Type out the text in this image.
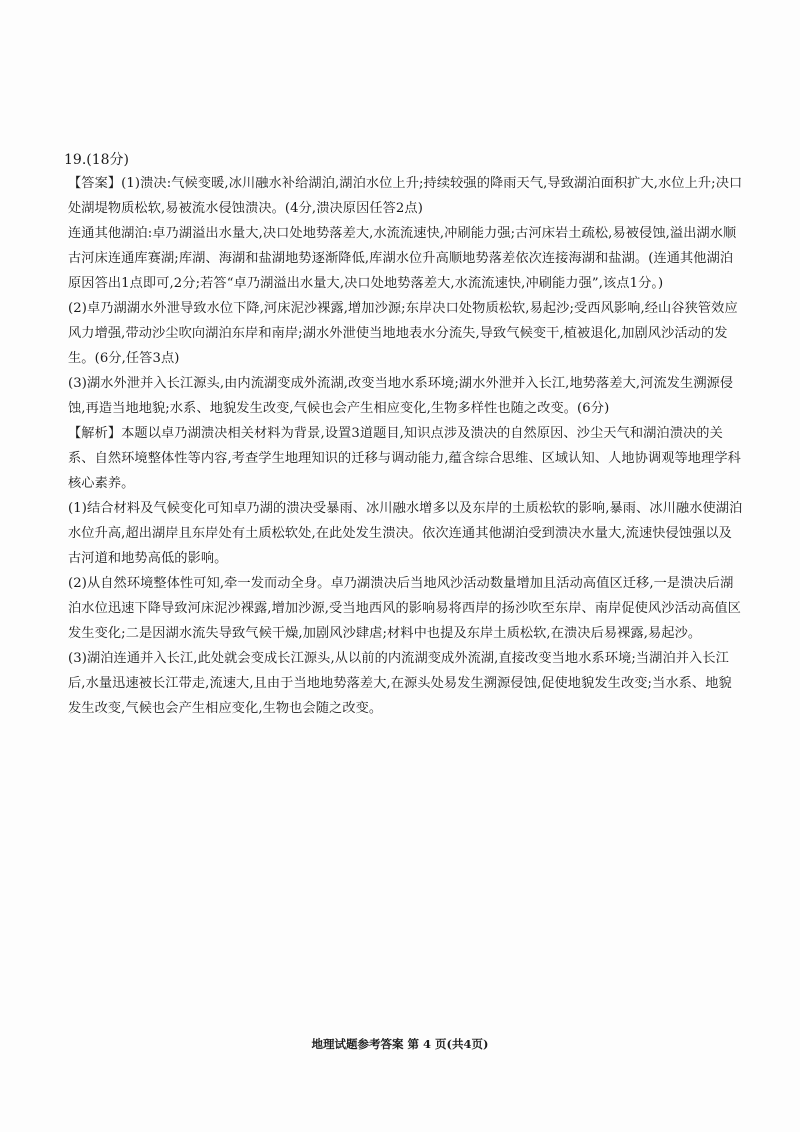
19.(18分)

【答案】(1)溃决:气候变暖,冰川融水补给湖泊,湖泊水位上升;持续较强的降雨天气,导致湖泊面积扩大,水位上升;决口处湖堤物质松软,易被流水侵蚀溃决。(4分,溃决原因任答2点)

连通其他湖泊:卓乃湖溢出水量大,决口处地势落差大,水流流速快,冲刷能力强;古河床岩土疏松,易被侵蚀,溢出湖水顺古河床连通库赛湖;库湖、海湖和盐湖地势逐渐降低,库湖水位升高顺地势落差依次连接海湖和盐湖。(连通其他湖泊原因答出1点即可,2分;若答“卓乃湖溢出水量大,决口处地势落差大,水流流速快,冲刷能力强”,该点1分。)

(2)卓乃湖湖水外泄导致水位下降,河床泥沙裸露,增加沙源;东岸决口处物质松软,易起沙;受西风影响,经山谷狭管效应风力增强,带动沙尘吹向湖泊东岸和南岸;湖水外泄使当地地表水分流失,导致气候变干,植被退化,加剧风沙活动的发生。(6分,任答3点)

(3)湖水外泄并入长江源头,由内流湖变成外流湖,改变当地水系环境;湖水外泄并入长江,地势落差大,河流发生溯源侵蚀,再造当地地貌;水系、地貌发生改变,气候也会产生相应变化,生物多样性也随之改变。(6分)

【解析】本题以卓乃湖溃决相关材料为背景,设置3道题目,知识点涉及溃决的自然原因、沙尘天气和湖泊溃决的关系、自然环境整体性等内容,考查学生地理知识的迁移与调动能力,蕴含综合思维、区域认知、人地协调观等地理学科核心素养。

(1)结合材料及气候变化可知卓乃湖的溃决受暴雨、冰川融水增多以及东岸的土质松软的影响,暴雨、冰川融水使湖泊水位升高,超出湖岸且东岸处有土质松软处,在此处发生溃决。依次连通其他湖泊受到溃决水量大,流速快侵蚀强以及古河道和地势高低的影响。

(2)从自然环境整体性可知,牵一发而动全身。卓乃湖溃决后当地风沙活动数量增加且活动高值区迁移,一是溃决后湖泊水位迅速下降导致河床泥沙裸露,增加沙源,受当地西风的影响易将西岸的扬沙吹至东岸、南岸促使风沙活动高值区发生变化;二是因湖水流失导致气候干燥,加剧风沙肆虐;材料中也提及东岸土质松软,在溃决后易裸露,易起沙。

(3)湖泊连通并入长江,此处就会变成长江源头,从以前的内流湖变成外流湖,直接改变当地水系环境;当湖泊并入长江后,水量迅速被长江带走,流速大,且由于当地地势落差大,在源头处易发生溯源侵蚀,促使地貌发生改变;当水系、地貌发生改变,气候也会产生相应变化,生物也会随之改变。

地理试题参考答案 第 4 页(共4页)
